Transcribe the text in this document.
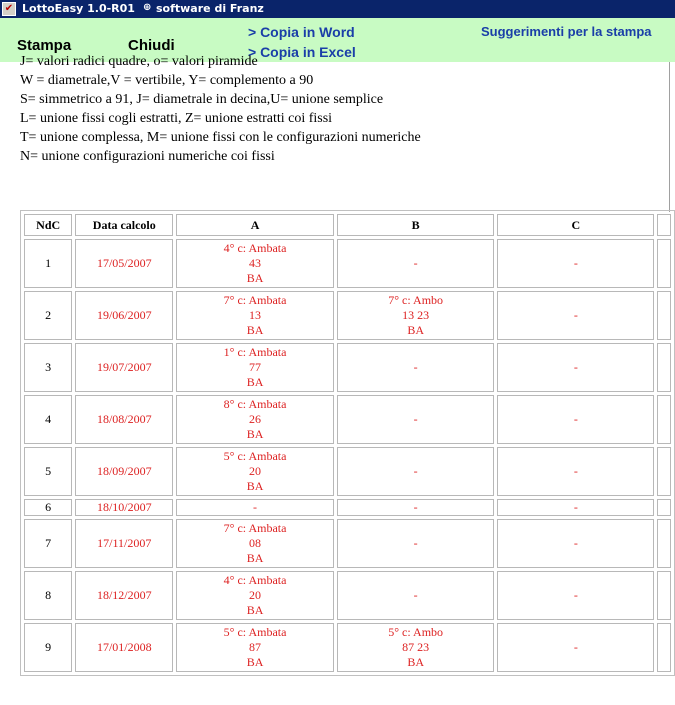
✔ LottoEasy 1.0-R01 ⊕ software di Franz
Stampa	Chiudi
> Copia in Word
> Copia in Excel
Suggerimenti per la stampa
J= valori radici quadre, o= valori piramide
W = diametrale,V = vertibile, Y= complemento a 90
S= simmetrico a 91, J= diametrale in decina,U= unione semplice
L= unione fissi cogli estratti, Z= unione estratti coi fissi
T= unione complessa, M= unione fissi con le configurazioni numeriche
N= unione configurazioni numeriche coi fissi
NdC	Data calcolo	A	B	C	
1	17/05/2007	4° c: Ambata
43
BA	-	-	

2	19/06/2007	7° c: Ambata
13
BA	7° c: Ambo
13 23
BA	-	

3	19/07/2007	1° c: Ambata
77
BA	-	-	

4	18/08/2007	8° c: Ambata
26
BA	-	-	

5	18/09/2007	5° c: Ambata
20
BA	-	-	

6	18/10/2007	-	-	-	

7	17/11/2007	7° c: Ambata
08
BA	-	-	

8	18/12/2007	4° c: Ambata
20
BA	-	-	

9	17/01/2008	5° c: Ambata
87
BA	5° c: Ambo
87 23
BA	-	
